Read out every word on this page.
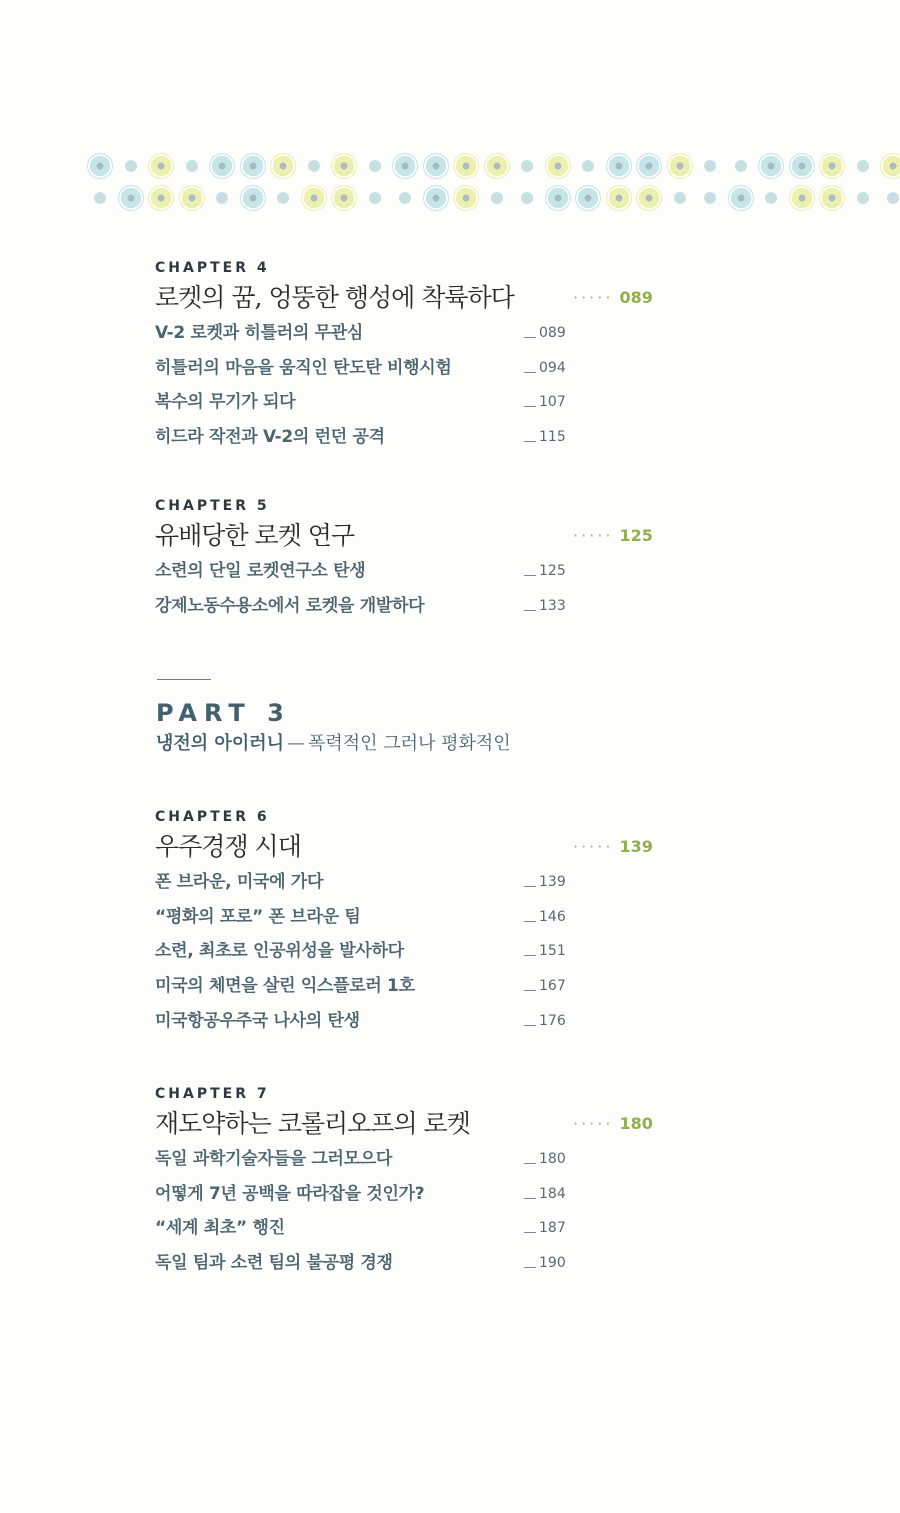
CHAPTER 4
로켓의 꿈, 엉뚱한 행성에 착륙하다	····· 089
V-2 로켓과 히틀러의 무관심	089
히틀러의 마음을 움직인 탄도탄 비행시험	094
복수의 무기가 되다	107
히드라 작전과 V-2의 런던 공격	115
CHAPTER 5
유배당한 로켓 연구	····· 125
소련의 단일 로켓연구소 탄생	125
강제노동수용소에서 로켓을 개발하다	133
PART 3
냉전의 아이러니 — 폭력적인 그러나 평화적인
CHAPTER 6
우주경쟁 시대	····· 139
폰 브라운, 미국에 가다	139
“평화의 포로” 폰 브라운 팀	146
소련, 최초로 인공위성을 발사하다	151
미국의 체면을 살린 익스플로러 1호	167
미국항공우주국 나사의 탄생	176
CHAPTER 7
재도약하는 코롤리오프의 로켓	····· 180
독일 과학기술자들을 그러모으다	180
어떻게 7년 공백을 따라잡을 것인가?	184
“세계 최초” 행진	187
독일 팀과 소련 팀의 불공평 경쟁	190
